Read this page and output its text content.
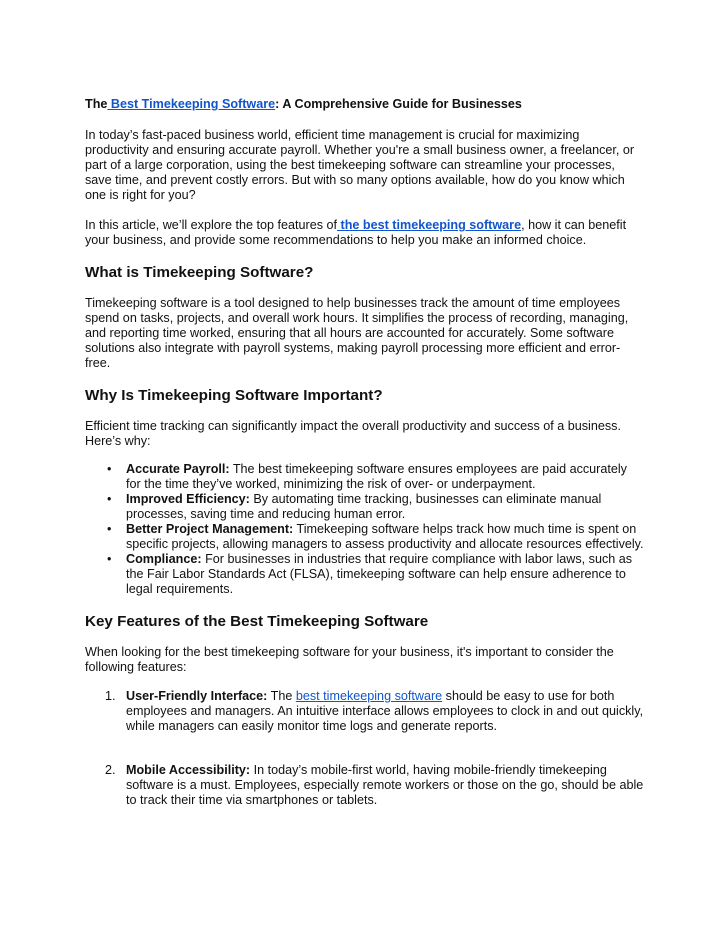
The Best Timekeeping Software: A Comprehensive Guide for Businesses

In today’s fast-paced business world, efficient time management is crucial for maximizing productivity and ensuring accurate payroll. Whether you're a small business owner, a freelancer, or part of a large corporation, using the best timekeeping software can streamline your processes, save time, and prevent costly errors. But with so many options available, how do you know which one is right for you?

In this article, we’ll explore the top features of the best timekeeping software, how it can benefit your business, and provide some recommendations to help you make an informed choice.

What is Timekeeping Software?

Timekeeping software is a tool designed to help businesses track the amount of time employees spend on tasks, projects, and overall work hours. It simplifies the process of recording, managing, and reporting time worked, ensuring that all hours are accounted for accurately. Some software solutions also integrate with payroll systems, making payroll processing more efficient and error-free.

Why Is Timekeeping Software Important?

Efficient time tracking can significantly impact the overall productivity and success of a business. Here’s why:

• Accurate Payroll: The best timekeeping software ensures employees are paid accurately for the time they’ve worked, minimizing the risk of over- or underpayment.
• Improved Efficiency: By automating time tracking, businesses can eliminate manual processes, saving time and reducing human error.
• Better Project Management: Timekeeping software helps track how much time is spent on specific projects, allowing managers to assess productivity and allocate resources effectively.
• Compliance: For businesses in industries that require compliance with labor laws, such as the Fair Labor Standards Act (FLSA), timekeeping software can help ensure adherence to legal requirements.
Key Features of the Best Timekeeping Software

When looking for the best timekeeping software for your business, it's important to consider the following features:

1. User-Friendly Interface: The best timekeeping software should be easy to use for both employees and managers. An intuitive interface allows employees to clock in and out quickly, while managers can easily monitor time logs and generate reports.
2. Mobile Accessibility: In today’s mobile-first world, having mobile-friendly timekeeping software is a must. Employees, especially remote workers or those on the go, should be able to track their time via smartphones or tablets.
